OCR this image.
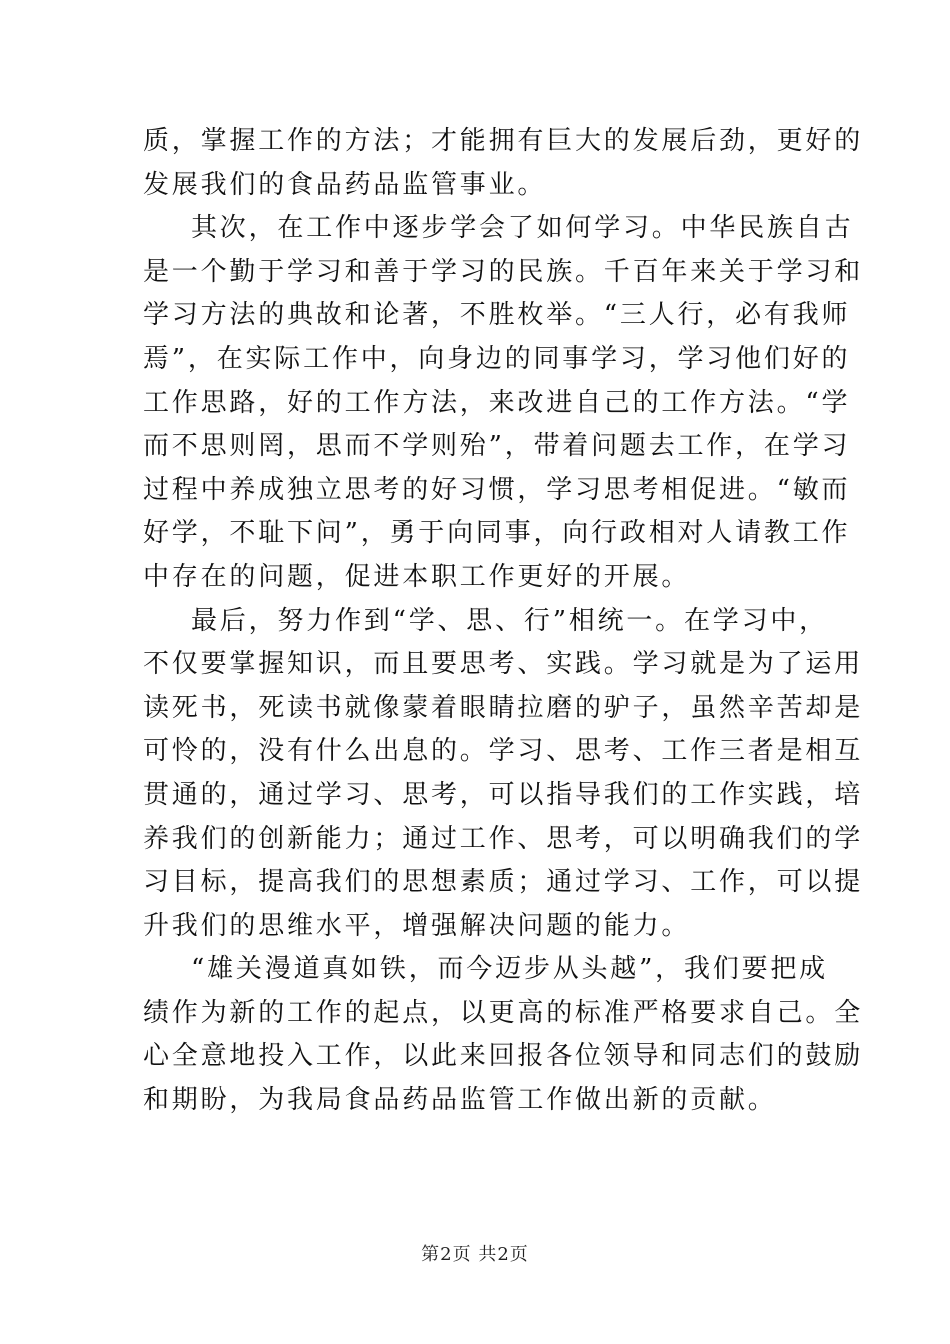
质，掌握工作的方法；才能拥有巨大的发展后劲，更好的
发展我们的食品药品监管事业。
其次，在工作中逐步学会了如何学习。中华民族自古
是一个勤于学习和善于学习的民族。千百年来关于学习和
学习方法的典故和论著，不胜枚举。“三人行，必有我师
焉”，在实际工作中，向身边的同事学习，学习他们好的
工作思路，好的工作方法，来改进自己的工作方法。“学
而不思则罔，思而不学则殆”，带着问题去工作，在学习
过程中养成独立思考的好习惯，学习思考相促进。“敏而
好学，不耻下问”，勇于向同事，向行政相对人请教工作
中存在的问题，促进本职工作更好的开展。
最后，努力作到“学、思、行”相统一。在学习中，
不仅要掌握知识，而且要思考、实践。学习就是为了运用
读死书，死读书就像蒙着眼睛拉磨的驴子，虽然辛苦却是
可怜的，没有什么出息的。学习、思考、工作三者是相互
贯通的，通过学习、思考，可以指导我们的工作实践，培
养我们的创新能力；通过工作、思考，可以明确我们的学
习目标，提高我们的思想素质；通过学习、工作，可以提
升我们的思维水平，增强解决问题的能力。
“雄关漫道真如铁，而今迈步从头越”，我们要把成
绩作为新的工作的起点，以更高的标准严格要求自己。全
心全意地投入工作，以此来回报各位领导和同志们的鼓励
和期盼，为我局食品药品监管工作做出新的贡献。
第2页 共2页
